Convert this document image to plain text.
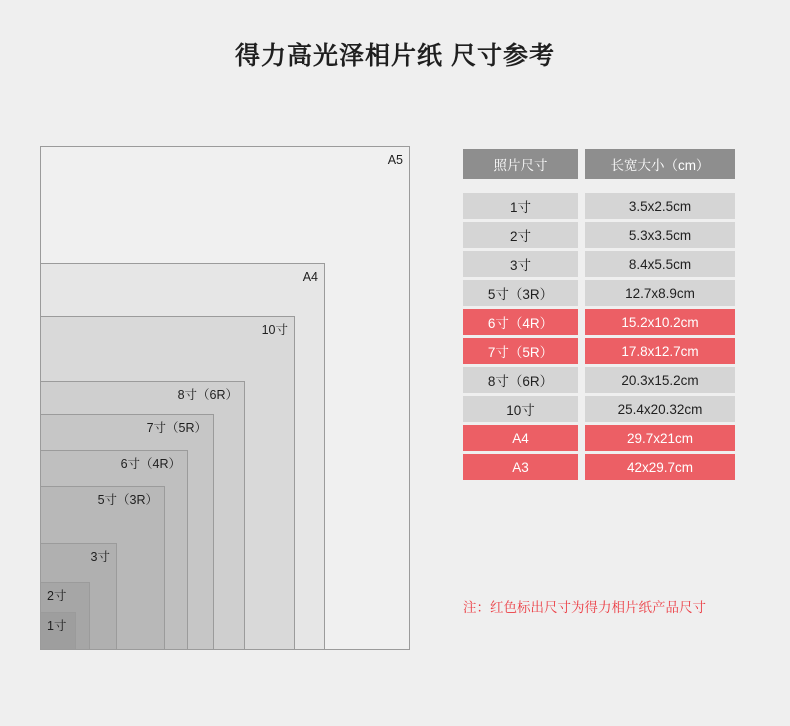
得力高光泽相片纸 尺寸参考
A5
A4
10寸
8寸（6R）
7寸（5R）
6寸（4R）
5寸（3R）
3寸
2寸
1寸
照片尺寸		长宽大小（cm）

1寸		3.5x2.5cm
2寸		5.3x3.5cm
3寸		8.4x5.5cm
5寸（3R）		12.7x8.9cm
6寸（4R）		15.2x10.2cm
7寸（5R）		17.8x12.7cm
8寸（6R）		20.3x15.2cm
10寸		25.4x20.32cm
A4		29.7x21cm
A3		42x29.7cm
注：红色标出尺寸为得力相片纸产品尺寸
